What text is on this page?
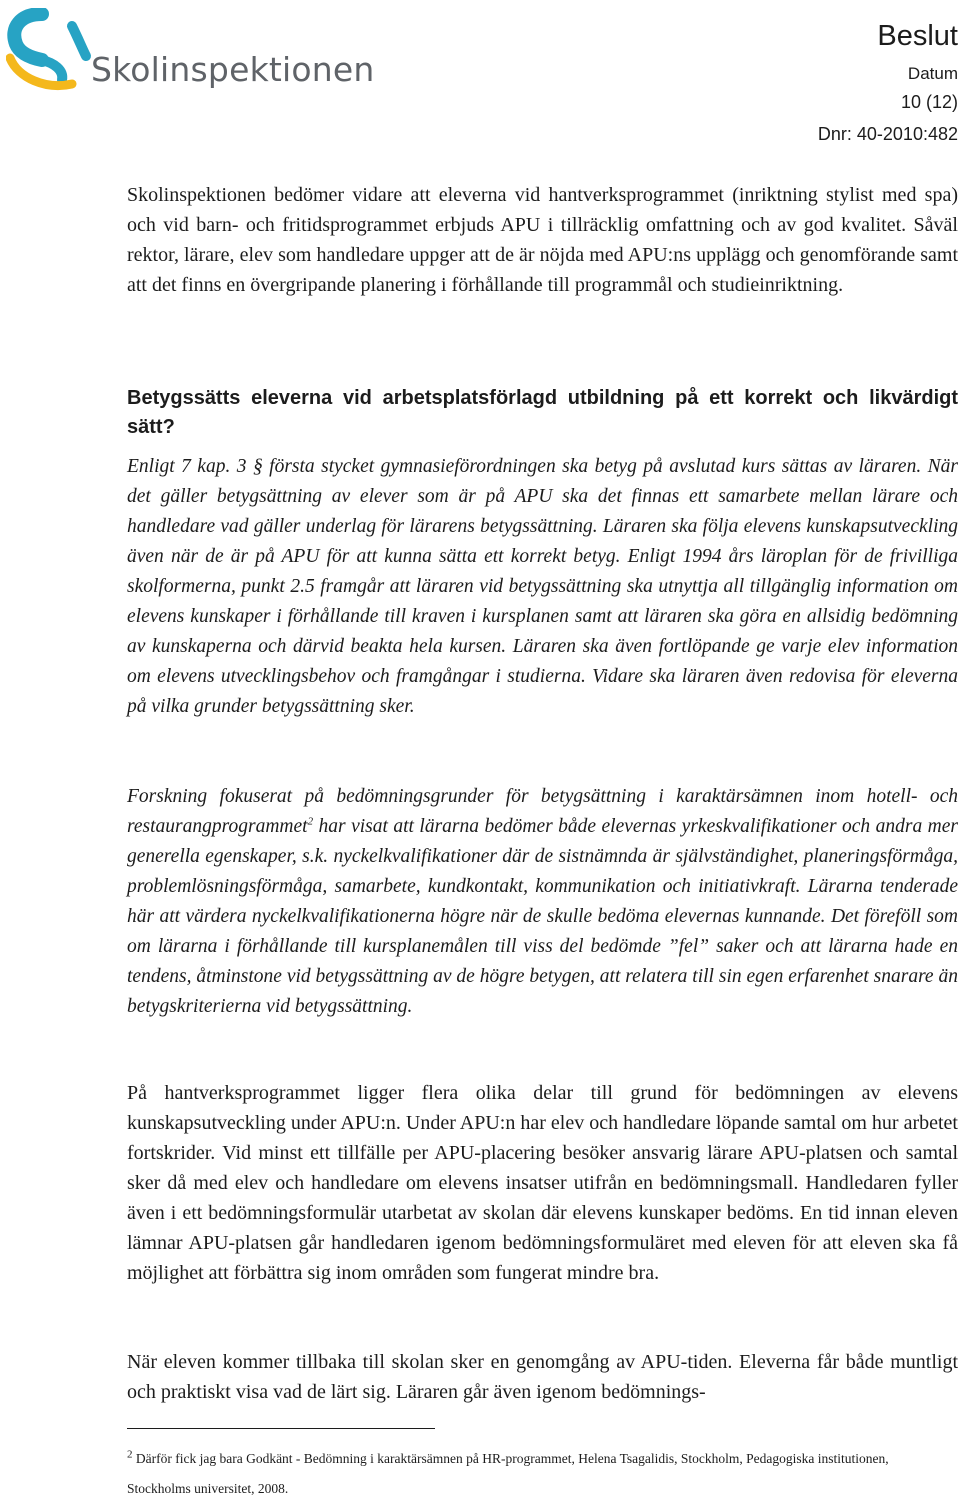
Skolinspektionen
Beslut
Datum
10 (12)
Dnr: 40-2010:482

Skolinspektionen bedömer vidare att eleverna vid hantverksprogrammet (inriktning stylist med spa) och vid barn- och fritidsprogrammet erbjuds APU i tillräcklig omfattning och av god kvalitet. Såväl rektor, lärare, elev som handledare uppger att de är nöjda med APU:ns upplägg och genomförande samt att det finns en övergripande planering i förhållande till programmål och studieinriktning.

Betygssätts eleverna vid arbetsplatsförlagd utbildning på ett korrekt och likvärdigt sätt?

Enligt 7 kap. 3 § första stycket gymnasieförordningen ska betyg på avslutad kurs sättas av läraren. När det gäller betygsättning av elever som är på APU ska det finnas ett samarbete mellan lärare och handledare vad gäller underlag för lärarens betygssättning. Läraren ska följa elevens kunskapsutveckling även när de är på APU för att kunna sätta ett korrekt betyg. Enligt 1994 års läroplan för de frivilliga skolformerna, punkt 2.5 framgår att läraren vid betygssättning ska utnyttja all tillgänglig information om elevens kunskaper i förhållande till kraven i kursplanen samt att läraren ska göra en allsidig bedömning av kunskaperna och därvid beakta hela kursen. Läraren ska även fortlöpande ge varje elev information om elevens utvecklingsbehov och framgångar i studierna. Vidare ska läraren även redovisa för eleverna på vilka grunder betygssättning sker.

Forskning fokuserat på bedömningsgrunder för betygsättning i karaktärsämnen inom hotell- och restaurangprogrammet$^2$ har visat att lärarna bedömer både elevernas yrkeskvalifikationer och andra mer generella egenskaper, s.k. nyckelkvalifikationer där de sistnämnda är självständighet, planeringsförmåga, problemlösningsförmåga, samarbete, kundkontakt, kommunikation och initiativkraft. Lärarna tenderade här att värdera nyckelkvalifikationerna högre när de skulle bedöma elevernas kunnande. Det föreföll som om lärarna i förhållande till kursplanemålen till viss del bedömde ”fel” saker och att lärarna hade en tendens, åtminstone vid betygssättning av de högre betygen, att relatera till sin egen erfarenhet snarare än betygskriterierna vid betygssättning.

På hantverksprogrammet ligger flera olika delar till grund för bedömningen av elevens kunskapsutveckling under APU:n. Under APU:n har elev och handledare löpande samtal om hur arbetet fortskrider. Vid minst ett tillfälle per APU-placering besöker ansvarig lärare APU-platsen och samtal sker då med elev och handledare om elevens insatser utifrån en bedömningsmall. Handledaren fyller även i ett bedömningsformulär utarbetat av skolan där elevens kunskaper bedöms. En tid innan eleven lämnar APU-platsen går handledaren igenom bedömningsformuläret med eleven för att eleven ska få möjlighet att förbättra sig inom områden som fungerat mindre bra.

När eleven kommer tillbaka till skolan sker en genomgång av APU-tiden. Eleverna får både muntligt och praktiskt visa vad de lärt sig. Läraren går även igenom bedömnings-

$^2$ Därför fick jag bara Godkänt - Bedömning i karaktärsämnen på HR-programmet, Helena Tsagalidis, Stockholm, Pedagogiska institutionen, Stockholms universitet, 2008.
